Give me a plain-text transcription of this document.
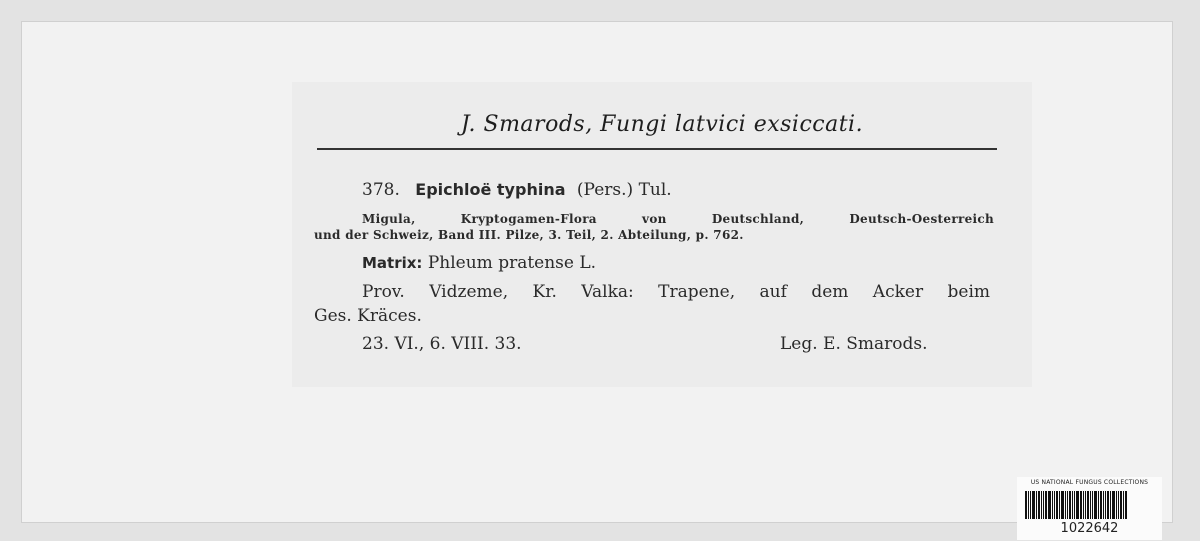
J. Smarods, Fungi latvici exsiccati.
378. Epichloë typhina (Pers.) Tul.
Migula, Kryptogamen-Flora von Deutschland, Deutsch-Oesterreich
und der Schweiz, Band III. Pilze, 3. Teil, 2. Abteilung, p. 762.
Matrix: Phleum pratense L.
Prov. Vidzeme, Kr. Valka: Trapene, auf dem Acker beim
Ges. Kräces.
23. VI., 6. VIII. 33.	Leg. E. Smarods.
US NATIONAL FUNGUS COLLECTIONS
1022642
